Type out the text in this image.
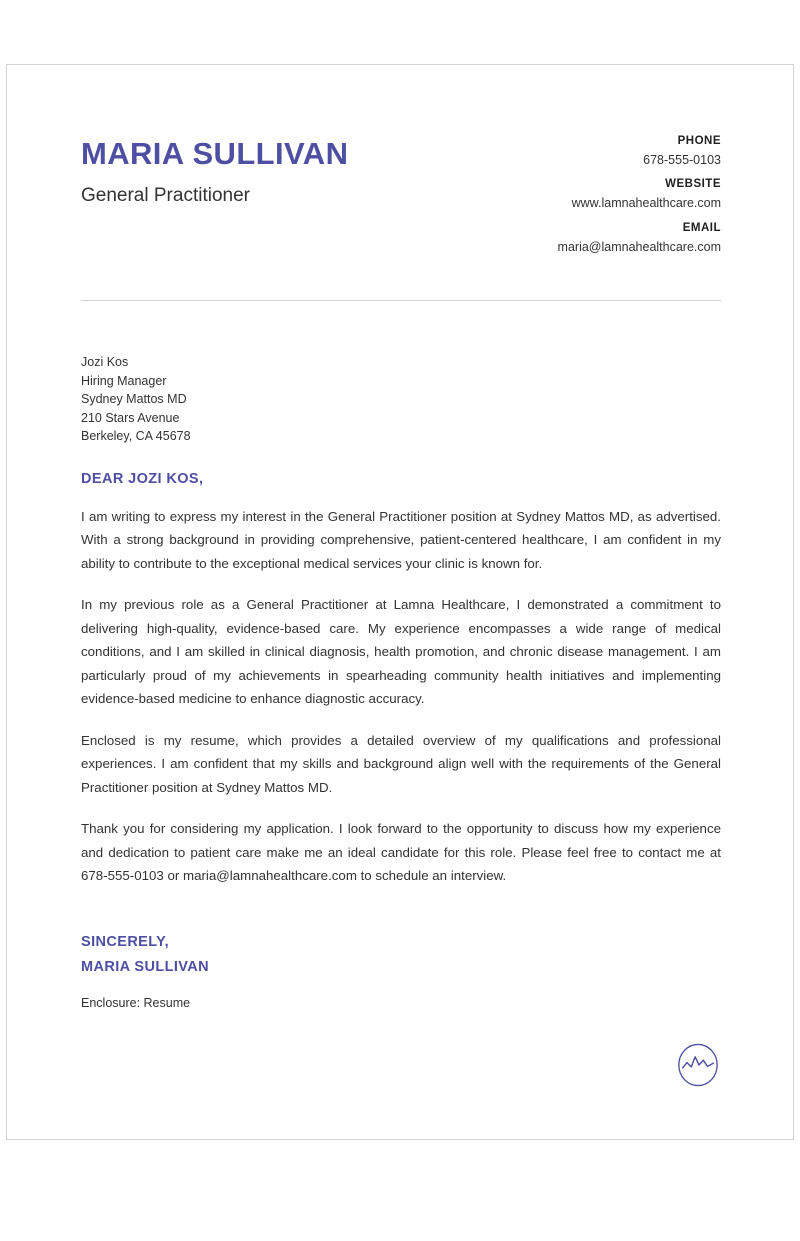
MARIA SULLIVAN
General Practitioner
PHONE
678-555-0103
WEBSITE
www.lamnahealthcare.com
EMAIL
maria@lamnahealthcare.com
Jozi Kos
Hiring Manager
Sydney Mattos MD
210 Stars Avenue
Berkeley, CA 45678
DEAR JOZI KOS,

I am writing to express my interest in the General Practitioner position at Sydney Mattos MD, as advertised. With a strong background in providing comprehensive, patient-centered healthcare, I am confident in my ability to contribute to the exceptional medical services your clinic is known for.

In my previous role as a General Practitioner at Lamna Healthcare, I demonstrated a commitment to delivering high-quality, evidence-based care. My experience encompasses a wide range of medical conditions, and I am skilled in clinical diagnosis, health promotion, and chronic disease management. I am particularly proud of my achievements in spearheading community health initiatives and implementing evidence-based medicine to enhance diagnostic accuracy.

Enclosed is my resume, which provides a detailed overview of my qualifications and professional experiences. I am confident that my skills and background align well with the requirements of the General Practitioner position at Sydney Mattos MD.

Thank you for considering my application. I look forward to the opportunity to discuss how my experience and dedication to patient care make me an ideal candidate for this role. Please feel free to contact me at 678-555-0103 or maria@lamnahealthcare.com to schedule an interview.

SINCERELY,
MARIA SULLIVAN
Enclosure: Resume
